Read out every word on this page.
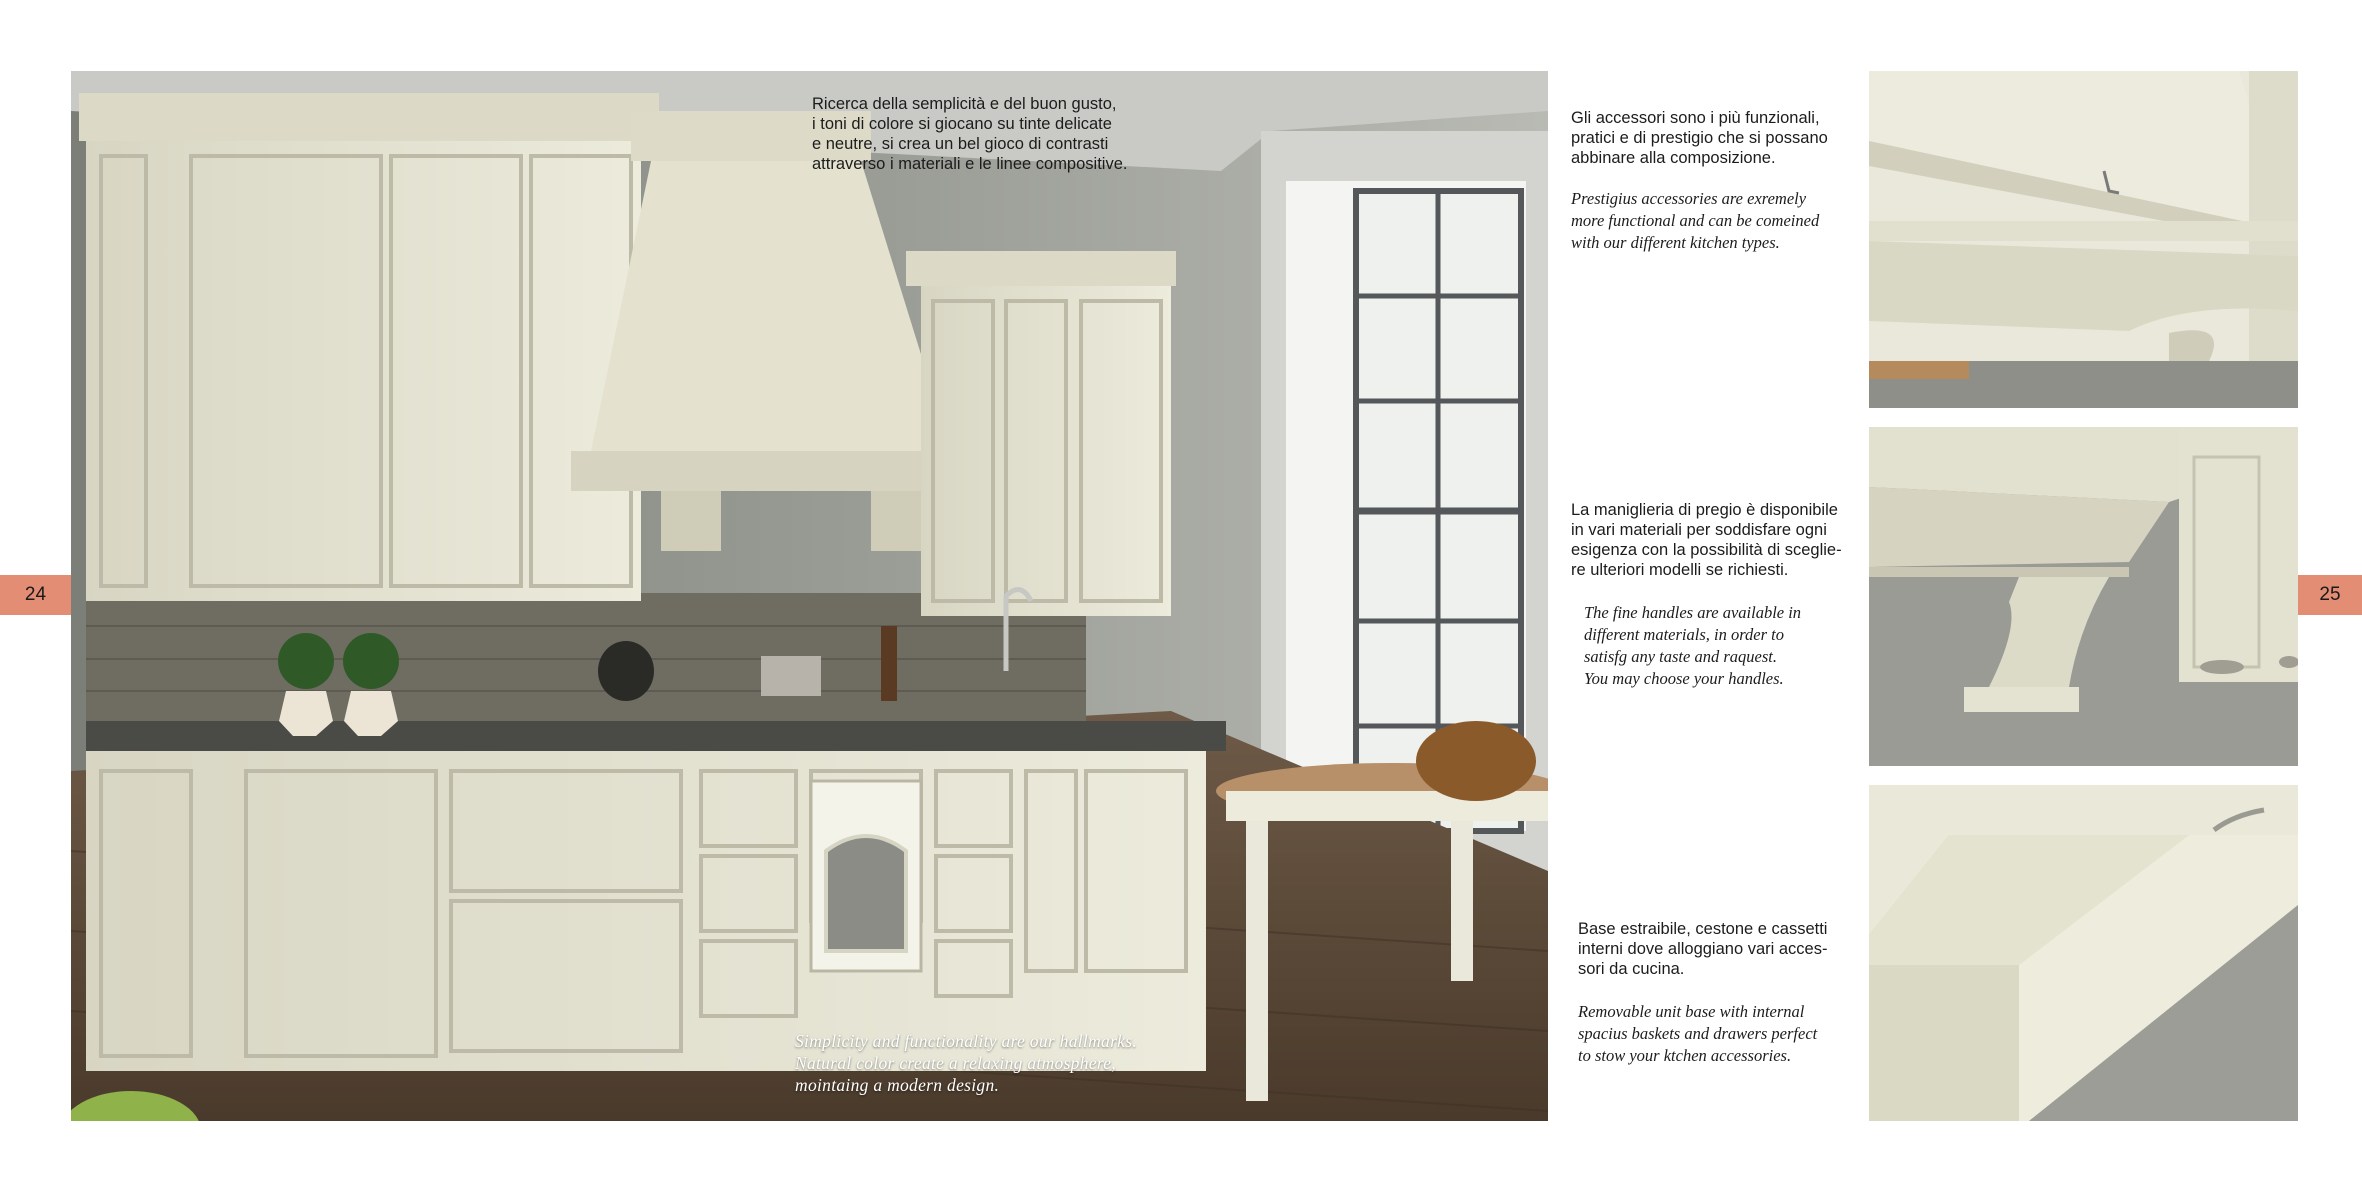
Ricerca della semplicità e del buon gusto,
i toni di colore si giocano su tinte delicate
e neutre, si crea un bel gioco di contrasti
attraverso i materiali e le linee compositive.
Simplicity and functionality are our hallmarks.
Natural color create a relaxing atmosphere,
mointaing a modern design.
24	25
Gli accessori sono i più funzionali,
pratici e di prestigio che si possano
abbinare alla composizione.
Prestigius accessories are exremely
more functional and can be comeined
with our different kitchen types.
La maniglieria di pregio è disponibile
in vari materiali per soddisfare ogni
esigenza con la possibilità di sceglie-
re ulteriori modelli se richiesti.
The fine handles are available in
different materials, in order to
satisfg any taste and raquest.
You may choose your handles.
Base estraibile, cestone e cassetti
interni dove alloggiano vari acces-
sori da cucina.
Removable unit base with internal
spacius baskets and drawers perfect
to stow your ktchen accessories.
